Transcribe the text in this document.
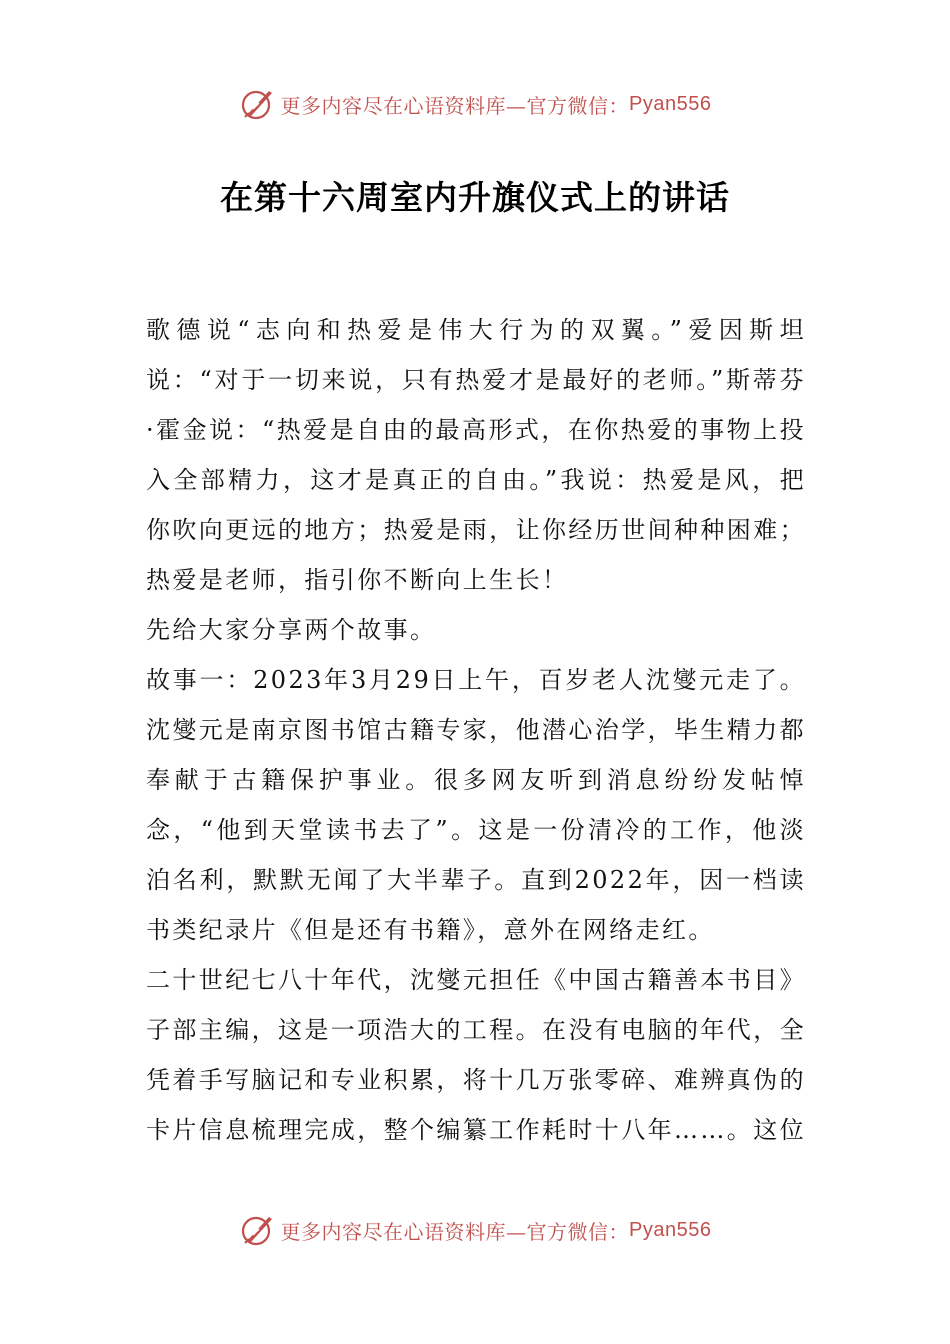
更多内容尽在心语资料库—官方微信： Pyan556
在第十六周室内升旗仪式上的讲话

歌德说“志向和热爱是伟大行为的双翼。”爱因斯坦说：“对于一切来说，只有热爱才是最好的老师。”斯蒂芬·霍金说：“热爱是自由的最高形式，在你热爱的事物上投入全部精力，这才是真正的自由。”我说：热爱是风，把你吹向更远的地方；热爱是雨，让你经历世间种种困难；热爱是老师，指引你不断向上生长！

先给大家分享两个故事。

故事一：2023年3月29日上午，百岁老人沈燮元走了。沈燮元是南京图书馆古籍专家，他潜心治学，毕生精力都奉献于古籍保护事业。很多网友听到消息纷纷发帖悼念，“他到天堂读书去了”。这是一份清冷的工作，他淡泊名利，默默无闻了大半辈子。直到2022年，因一档读书类纪录片《但是还有书籍》，意外在网络走红。

二十世纪七八十年代，沈燮元担任《中国古籍善本书目》子部主编，这是一项浩大的工程。在没有电脑的年代，全凭着手写脑记和专业积累，将十几万张零碎、难辨真伪的卡片信息梳理完成，整个编纂工作耗时十八年……。这位

更多内容尽在心语资料库—官方微信： Pyan556
